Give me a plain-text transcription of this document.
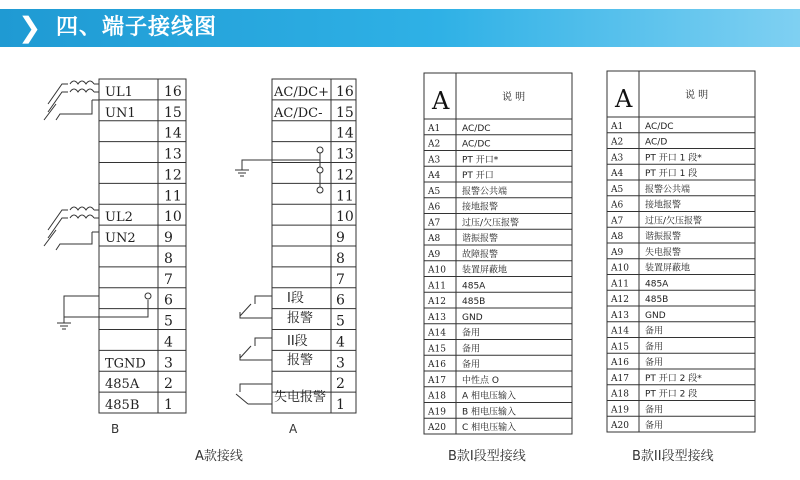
❯ 四、端子接线图
16
UL1
15
UN1
14
13
12
11
10
UL2
9
UN2
8
7
6
5
4
3
TGND
2
485A
1
485B
B
A款接线
16
AC/DC+
15
AC/DC-
14
13
12
11
10
9
8
7
6
5
4
3
2
1
I段
报警
II段
报警
失电报警
A
A	说 明
A1 AC/DC
A2 AC/DC
A3 PT 开口*
A4 PT 开口
A5 报警公共端
A6 接地报警
A7 过压/欠压报警
A8 谐振报警
A9 故障报警
A10 装置屏蔽地
A11 485A
A12 485B
A13 GND
A14 备用
A15 备用
A16 备用
A17 中性点 O
A18 A 相电压输入
A19 B 相电压输入
A20 C 相电压输入
B款I段型接线
A	说 明
A1 AC/DC
A2 AC/D
A3 PT 开口 1 段*
A4 PT 开口 1 段
A5 报警公共端
A6 接地报警
A7 过压/欠压报警
A8 谐振报警
A9 失电报警
A10 装置屏蔽地
A11 485A
A12 485B
A13 GND
A14 备用
A15 备用
A16 备用
A17 PT 开口 2 段*
A18 PT 开口 2 段
A19 备用
A20 备用
B款II段型接线
